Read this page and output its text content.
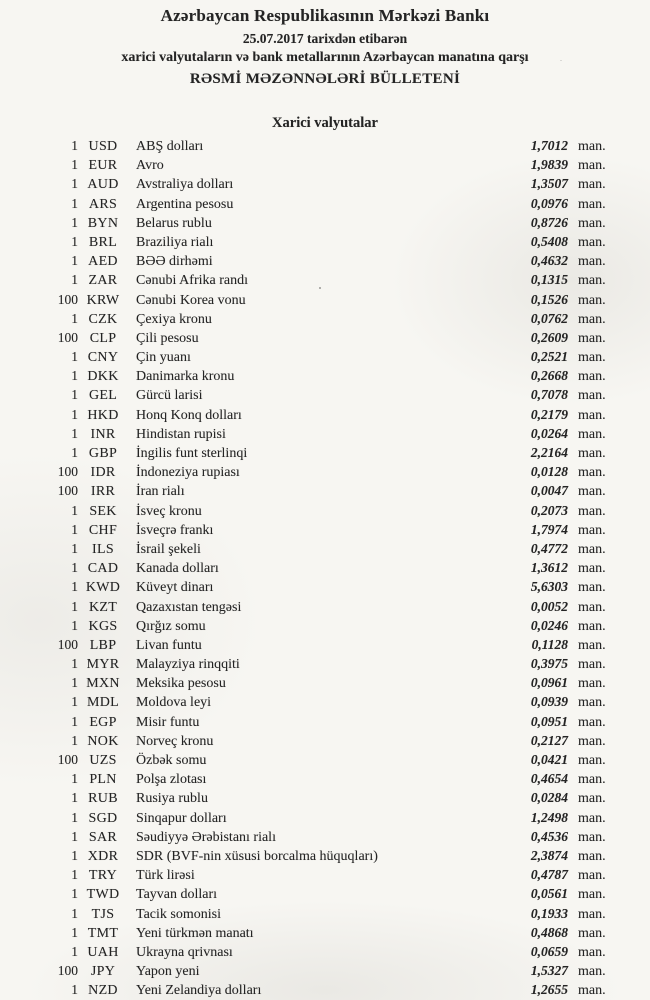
Azərbaycan Respublikasının Mərkəzi Bankı
25.07.2017 tarixdən etibarən
xarici valyutaların və bank metallarının Azərbaycan manatına qarşı
RƏSMİ MƏZƏNNƏLƏRİ BÜLLETENİ
Xarici valyutalar
1 USD	ABŞ dolları	1,7012 man.
1 EUR	Avro	1,9839 man.
1 AUD	Avstraliya dolları	1,3507 man.
1 ARS	Argentina pesosu	0,0976 man.
1 BYN	Belarus rublu	0,8726 man.
1 BRL	Braziliya rialı	0,5408 man.
1 AED	BƏƏ dirhəmi	0,4632 man.
1 ZAR	Cənubi Afrika randı	0,1315 man.
100 KRW	Cənubi Korea vonu	0,1526 man.
1 CZK	Çexiya kronu	0,0762 man.
100 CLP	Çili pesosu	0,2609 man.
1 CNY	Çin yuanı	0,2521 man.
1 DKK	Danimarka kronu	0,2668 man.
1 GEL	Gürcü larisi	0,7078 man.
1 HKD	Honq Konq dolları	0,2179 man.
1 INR	Hindistan rupisi	0,0264 man.
1 GBP	İngilis funt sterlinqi	2,2164 man.
100 IDR	İndoneziya rupiası	0,0128 man.
100 IRR	İran rialı	0,0047 man.
1 SEK	İsveç kronu	0,2073 man.
1 CHF	İsveçrə frankı	1,7974 man.
1	ILS	İsrail şekeli	0,4772 man.
1 CAD	Kanada dolları	1,3612 man.
1 KWD	Küveyt dinarı	5,6303 man.
1 KZT	Qazaxıstan tengəsi	0,0052 man.
1 KGS	Qırğız somu	0,0246 man.
100 LBP	Livan funtu	0,1128 man.
1 MYR	Malayziya rinqqiti	0,3975 man.
1 MXN	Meksika pesosu	0,0961 man.
1 MDL	Moldova leyi	0,0939 man.
1 EGP	Misir funtu	0,0951 man.
1 NOK	Norveç kronu	0,2127 man.
100 UZS	Özbək somu	0,0421 man.
1 PLN	Polşa zlotası	0,4654 man.
1 RUB	Rusiya rublu	0,0284 man.
1 SGD	Sinqapur dolları	1,2498 man.
1 SAR	Səudiyyə Ərəbistanı rialı	0,4536 man.
1 XDR	SDR (BVF-nin xüsusi borcalma hüquqları)	2,3874 man.
1 TRY	Türk lirəsi	0,4787 man.
1 TWD	Tayvan dolları	0,0561 man.
1 TJS	Tacik somonisi	0,1933 man.
1 TMT	Yeni türkmən manatı	0,4868 man.
1 UAH	Ukrayna qrivnası	0,0659 man.
100 JPY	Yapon yeni	1,5327 man.
1 NZD	Yeni Zelandiya dolları	1,2655 man.
